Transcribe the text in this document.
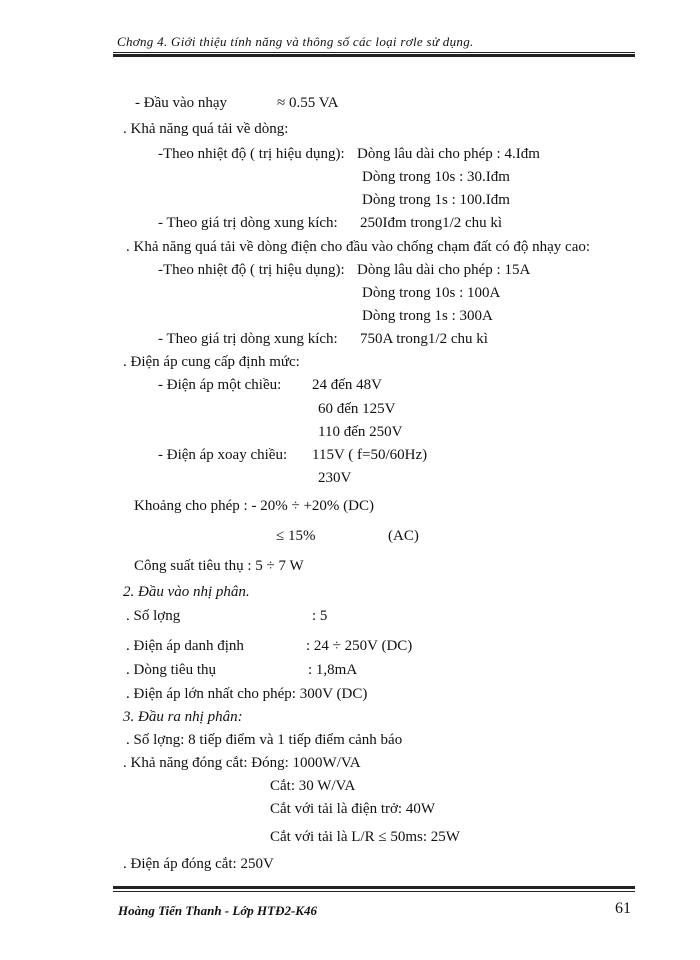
Chơng 4. Giới thiệu tính năng và thông số các loại rơle sử dụng.
- Đầu vào nhạy	≈ 0.55 VA
. Khả năng quá tải về dòng:
-Theo nhiệt độ ( trị hiệu dụng): Dòng lâu dài cho phép : 4.Iđm
Dòng trong 10s : 30.Iđm
Dòng trong 1s : 100.Iđm
- Theo giá trị dòng xung kích: 250Iđm trong1/2 chu kì
. Khả năng quá tải về dòng điện cho đầu vào chống chạm đất có độ nhạy cao:
-Theo nhiệt độ ( trị hiệu dụng): Dòng lâu dài cho phép : 15A
Dòng trong 10s : 100A
Dòng trong 1s : 300A
- Theo giá trị dòng xung kích: 750A trong1/2 chu kì
. Điện áp cung cấp định mức:
- Điện áp một chiều: 24 đến 48V
60 đến 125V
110 đến 250V
- Điện áp xoay chiều: 115V ( f=50/60Hz)
230V
Khoảng cho phép : - 20% ÷ +20% (DC)
≤ 15%	(AC)
Công suất tiêu thụ : 5 ÷ 7 W
2. Đầu vào nhị phân.
. Số lợng	: 5
. Điện áp danh định	: 24 ÷ 250V (DC)
. Dòng tiêu thụ	: 1,8mA
. Điện áp lớn nhất cho phép: 300V (DC)
3. Đầu ra nhị phân:
. Số lợng: 8 tiếp điểm và 1 tiếp điểm cảnh báo
. Khả năng đóng cắt: Đóng: 1000W/VA
Cắt: 30 W/VA
Cắt với tải là điện trở: 40W
Cắt với tải là L/R ≤ 50ms: 25W
. Điện áp đóng cắt: 250V
Hoàng Tiến Thanh - Lớp HTĐ2-K46	61
